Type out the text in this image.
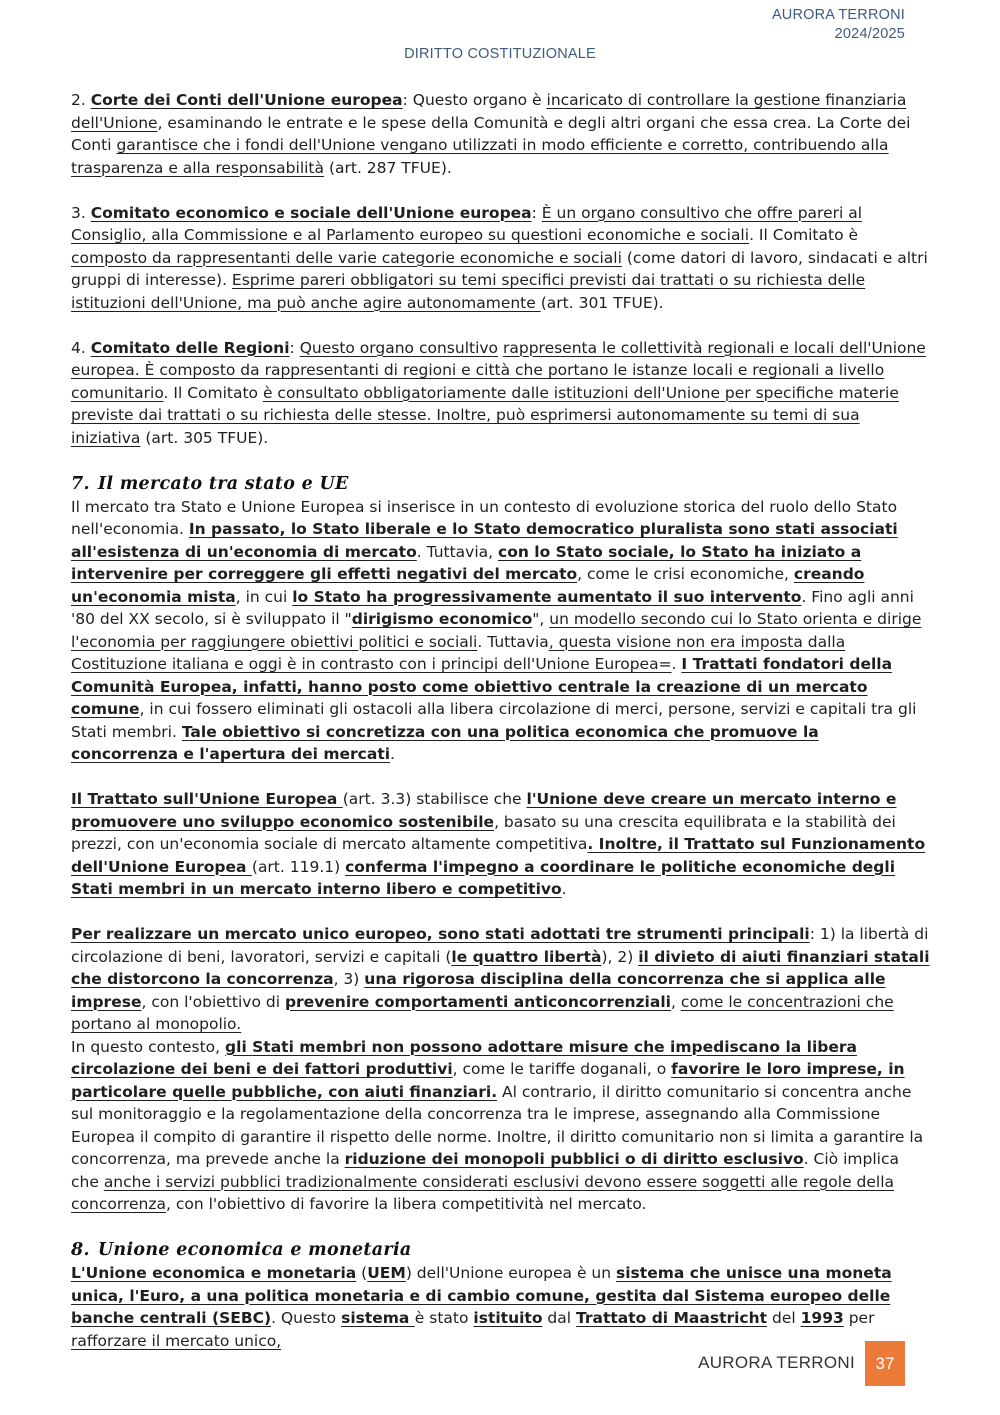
AURORA TERRONI
2024/2025
DIRITTO COSTITUZIONALE

2. Corte dei Conti dell'Unione europea: Questo organo è incaricato di controllare la gestione finanziaria dell'Unione, esaminando le entrate e le spese della Comunità e degli altri organi che essa crea. La Corte dei Conti garantisce che i fondi dell'Unione vengano utilizzati in modo efficiente e corretto, contribuendo alla trasparenza e alla responsabilità (art. 287 TFUE).

3. Comitato economico e sociale dell'Unione europea: È un organo consultivo che offre pareri al Consiglio, alla Commissione e al Parlamento europeo su questioni economiche e sociali. Il Comitato è composto da rappresentanti delle varie categorie economiche e sociali (come datori di lavoro, sindacati e altri gruppi di interesse). Esprime pareri obbligatori su temi specifici previsti dai trattati o su richiesta delle istituzioni dell'Unione, ma può anche agire autonomamente (art. 301 TFUE).

4. Comitato delle Regioni: Questo organo consultivo rappresenta le collettività regionali e locali dell'Unione europea. È composto da rappresentanti di regioni e città che portano le istanze locali e regionali a livello comunitario. Il Comitato è consultato obbligatoriamente dalle istituzioni dell'Unione per specifiche materie previste dai trattati o su richiesta delle stesse. Inoltre, può esprimersi autonomamente su temi di sua iniziativa (art. 305 TFUE).

7. Il mercato tra stato e UE

Il mercato tra Stato e Unione Europea si inserisce in un contesto di evoluzione storica del ruolo dello Stato nell'economia. In passato, lo Stato liberale e lo Stato democratico pluralista sono stati associati all'esistenza di un'economia di mercato. Tuttavia, con lo Stato sociale, lo Stato ha iniziato a intervenire per correggere gli effetti negativi del mercato, come le crisi economiche, creando un'economia mista, in cui lo Stato ha progressivamente aumentato il suo intervento. Fino agli anni '80 del XX secolo, si è sviluppato il "dirigismo economico", un modello secondo cui lo Stato orienta e dirige l'economia per raggiungere obiettivi politici e sociali. Tuttavia, questa visione non era imposta dalla Costituzione italiana e oggi è in contrasto con i principi dell'Unione Europea=. I Trattati fondatori della Comunità Europea, infatti, hanno posto come obiettivo centrale la creazione di un mercato comune, in cui fossero eliminati gli ostacoli alla libera circolazione di merci, persone, servizi e capitali tra gli Stati membri. Tale obiettivo si concretizza con una politica economica che promuove la concorrenza e l'apertura dei mercati.

Il Trattato sull'Unione Europea (art. 3.3) stabilisce che l'Unione deve creare un mercato interno e promuovere uno sviluppo economico sostenibile, basato su una crescita equilibrata e la stabilità dei prezzi, con un'economia sociale di mercato altamente competitiva. Inoltre, il Trattato sul Funzionamento dell'Unione Europea (art. 119.1) conferma l'impegno a coordinare le politiche economiche degli Stati membri in un mercato interno libero e competitivo.

Per realizzare un mercato unico europeo, sono stati adottati tre strumenti principali: 1) la libertà di circolazione di beni, lavoratori, servizi e capitali (le quattro libertà), 2) il divieto di aiuti finanziari statali che distorcono la concorrenza, 3) una rigorosa disciplina della concorrenza che si applica alle imprese, con l'obiettivo di prevenire comportamenti anticoncorrenziali, come le concentrazioni che portano al monopolio.

In questo contesto, gli Stati membri non possono adottare misure che impediscano la libera circolazione dei beni e dei fattori produttivi, come le tariffe doganali, o favorire le loro imprese, in particolare quelle pubbliche, con aiuti finanziari. Al contrario, il diritto comunitario si concentra anche sul monitoraggio e la regolamentazione della concorrenza tra le imprese, assegnando alla Commissione Europea il compito di garantire il rispetto delle norme. Inoltre, il diritto comunitario non si limita a garantire la concorrenza, ma prevede anche la riduzione dei monopoli pubblici o di diritto esclusivo. Ciò implica che anche i servizi pubblici tradizionalmente considerati esclusivi devono essere soggetti alle regole della concorrenza, con l'obiettivo di favorire la libera competitività nel mercato.

8. Unione economica e monetaria

L'Unione economica e monetaria (UEM) dell'Unione europea è un sistema che unisce una moneta unica, l'Euro, a una politica monetaria e di cambio comune, gestita dal Sistema europeo delle banche centrali (SEBC). Questo sistema è stato istituito dal Trattato di Maastricht del 1993 per rafforzare il mercato unico,

AURORA TERRONI	37
